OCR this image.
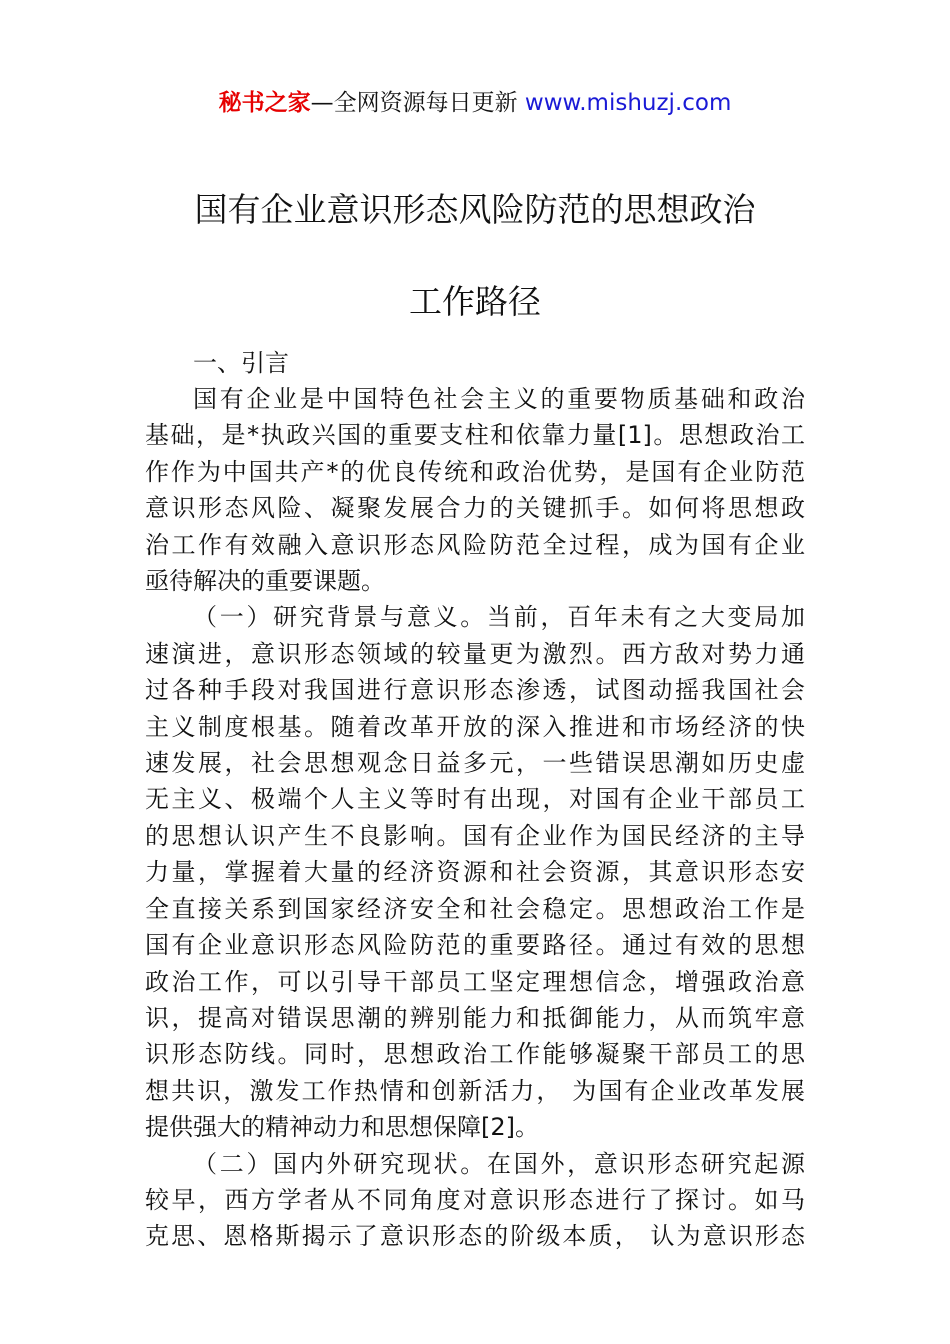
秘书之家—全网资源每日更新 www.mishuzj.com
国有企业意识形态风险防范的思想政治
工作路径
一、引言
国有企业是中国特色社会主义的重要物质基础和政治
基础，是*执政兴国的重要支柱和依靠力量[1]。思想政治工
作作为中国共产*的优良传统和政治优势，是国有企业防范
意识形态风险、凝聚发展合力的关键抓手。如何将思想政
治工作有效融入意识形态风险防范全过程，成为国有企业
亟待解决的重要课题。
（一）研究背景与意义。当前，百年未有之大变局加
速演进，意识形态领域的较量更为激烈。西方敌对势力通
过各种手段对我国进行意识形态渗透，试图动摇我国社会
主义制度根基。随着改革开放的深入推进和市场经济的快
速发展，社会思想观念日益多元，一些错误思潮如历史虚
无主义、极端个人主义等时有出现，对国有企业干部员工
的思想认识产生不良影响。国有企业作为国民经济的主导
力量，掌握着大量的经济资源和社会资源，其意识形态安
全直接关系到国家经济安全和社会稳定。思想政治工作是
国有企业意识形态风险防范的重要路径。通过有效的思想
政治工作，可以引导干部员工坚定理想信念，增强政治意
识，提高对错误思潮的辨别能力和抵御能力，从而筑牢意
识形态防线。同时，思想政治工作能够凝聚干部员工的思
想共识，激发工作热情和创新活力， 为国有企业改革发展
提供强大的精神动力和思想保障[2]。
（二）国内外研究现状。在国外，意识形态研究起源
较早，西方学者从不同角度对意识形态进行了探讨。如马
克思、恩格斯揭示了意识形态的阶级本质， 认为意识形态
